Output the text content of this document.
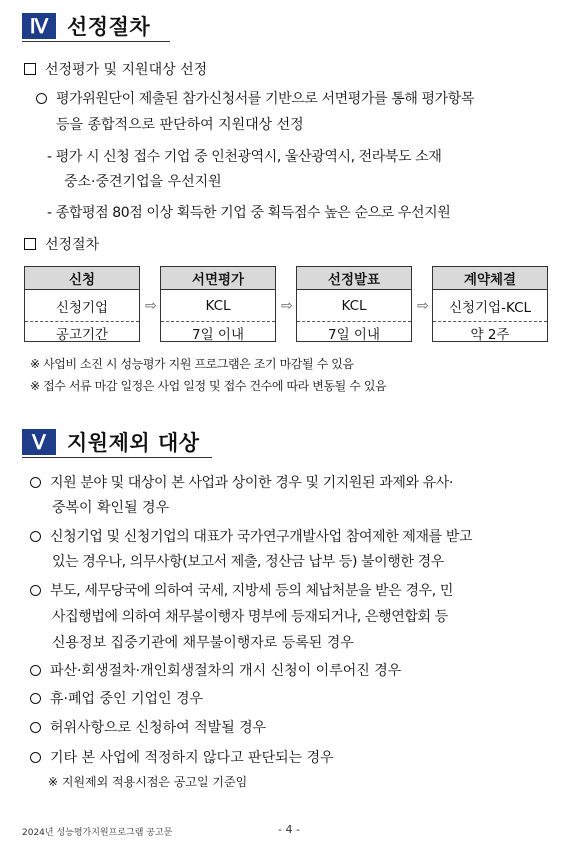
Ⅳ 선정절차
선정평가 및 지원대상 선정
평가위원단이 제출된 참가신청서를 기반으로 서면평가를 통해 평가항목
등을 종합적으로 판단하여 지원대상 선정
- 평가 시 신청 접수 기업 중 인천광역시, 울산광역시, 전라북도 소재
중소·중견기업을 우선지원
- 종합평점 80점 이상 획득한 기업 중 획득점수 높은 순으로 우선지원
선정절차
신청
신청기업
공고기간
⇨
서면평가
KCL
7일 이내
⇨
선정발표
KCL
7일 이내
⇨
계약체결
신청기업-KCL
약 2주
※ 사업비 소진 시 성능평가 지원 프로그램은 조기 마감될 수 있음
※ 접수 서류 마감 일정은 사업 일정 및 접수 건수에 따라 변동될 수 있음
Ⅴ	지원제외 대상
지원 분야 및 대상이 본 사업과 상이한 경우 및 기지원된 과제와 유사·
중복이 확인될 경우
신청기업 및 신청기업의 대표가 국가연구개발사업 참여제한 제재를 받고
있는 경우나, 의무사항(보고서 제출, 정산금 납부 등) 불이행한 경우
부도, 세무당국에 의하여 국세, 지방세 등의 체납처분을 받은 경우, 민
사집행법에 의하여 채무불이행자 명부에 등재되거나, 은행연합회 등
신용정보 집중기관에 채무불이행자로 등록된 경우
파산·회생절차·개인회생절차의 개시 신청이 이루어진 경우
휴·폐업 중인 기업인 경우
허위사항으로 신청하여 적발될 경우
기타 본 사업에 적정하지 않다고 판단되는 경우
※ 지원제외 적용시점은 공고일 기준임
2024년 성능평가지원프로그램 공고문	- 4 -
